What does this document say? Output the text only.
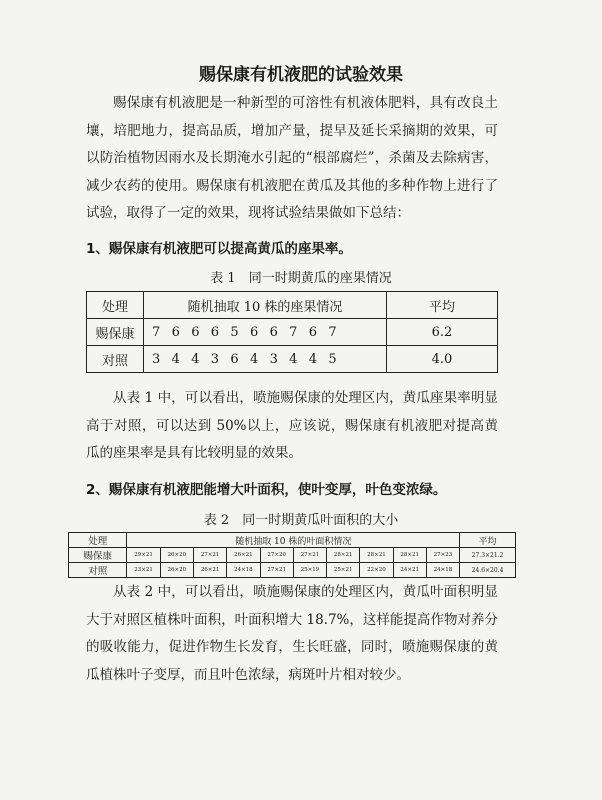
赐保康有机液肥的试验效果

赐保康有机液肥是一种新型的可溶性有机液体肥料，具有改良土壤，培肥地力，提高品质，增加产量，提早及延长采摘期的效果，可以防治植物因雨水及长期淹水引起的“根部腐烂”，杀菌及去除病害，减少农药的使用。赐保康有机液肥在黄瓜及其他的多种作物上进行了试验，取得了一定的效果，现将试验结果做如下总结：

1、赐保康有机液肥可以提高黄瓜的座果率。
表 1　同一时期黄瓜的座果情况
处理	随机抽取 10 株的座果情况	平均
赐保康	7 6 6 6 5 6 6 7 6 7	6.2
对照	3 4 4 3 6 4 3 4 4 5	4.0

从表 1 中，可以看出，喷施赐保康的处理区内，黄瓜座果率明显高于对照，可以达到 50%以上，应该说，赐保康有机液肥对提高黄瓜的座果率是具有比较明显的效果。

2、赐保康有机液肥能增大叶面积，使叶变厚，叶色变浓绿。
表 2　同一时期黄瓜叶面积的大小
处理	随机抽取 10 株的叶面积情况										平均
赐保康	29×21	26×20	27×21	26×21	27×20	27×21	28×21	28×21	28×21	27×23	27.3×21.2
对照	23×21	26×20	26×21	24×18	27×21	25×19	25×21	22×20	24×21	24×18	24.6×20.4

从表 2 中，可以看出，喷施赐保康的处理区内，黄瓜叶面积明显大于对照区植株叶面积，叶面积增大 18.7%，这样能提高作物对养分的吸收能力，促进作物生长发育，生长旺盛，同时，喷施赐保康的黄瓜植株叶子变厚，而且叶色浓绿，病斑叶片相对较少。
